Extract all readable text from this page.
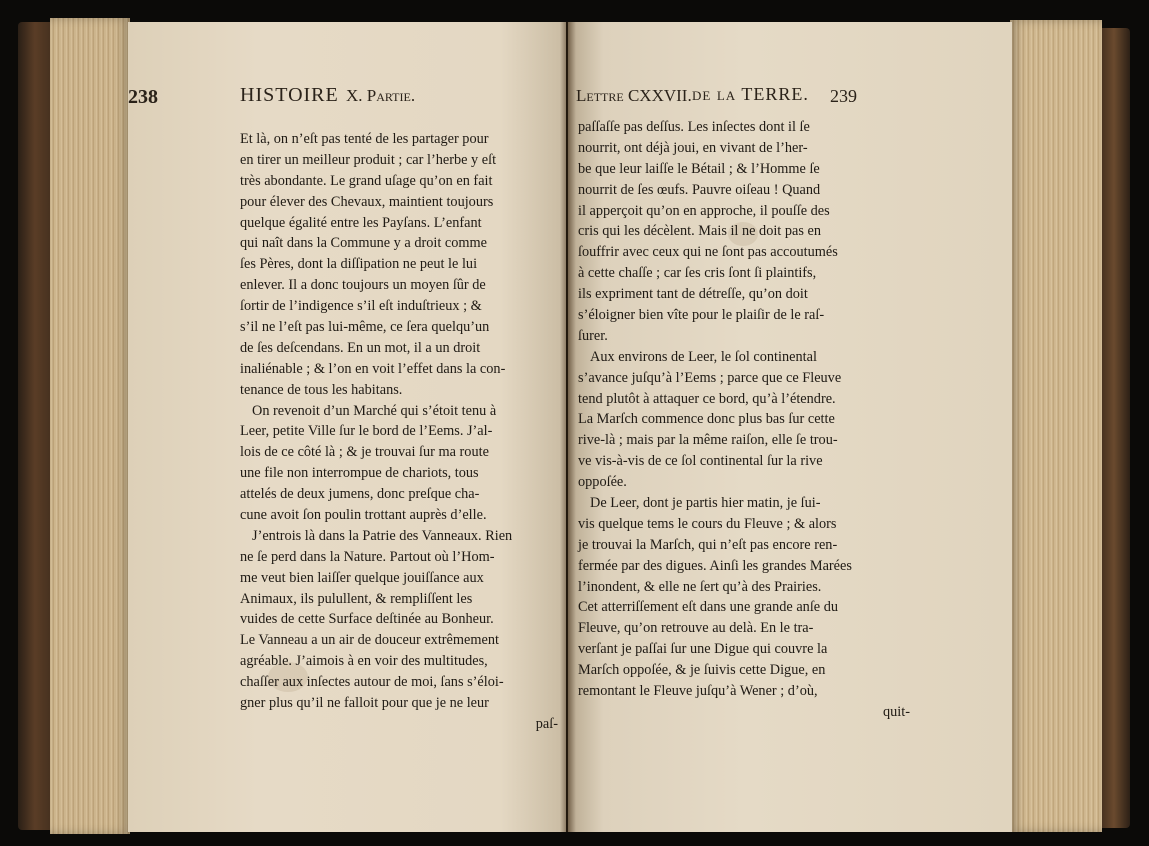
238	HISTOIRE X. Partie.
Et là, on n’eſt pas tenté de les partager pour
en tirer un meilleur produit ; car l’herbe y eſt
très abondante. Le grand uſage qu’on en fait
pour élever des Chevaux, maintient toujours
quelque égalité entre les Payſans. L’enfant
qui naît dans la Commune y a droit comme
ſes Pères, dont la diſſipation ne peut le lui
enlever. Il a donc toujours un moyen ſûr de
ſortir de l’indigence s’il eſt induſtrieux ; &
s’il ne l’eſt pas lui-même, ce ſera quelqu’un
de ſes deſcendans. En un mot, il a un droit
inaliénable ; & l’on en voit l’effet dans la con-
tenance de tous les habitans.
On revenoit d’un Marché qui s’étoit tenu à
Leer, petite Ville ſur le bord de l’Eems. J’al-
lois de ce côté là ; & je trouvai ſur ma route
une file non interrompue de chariots, tous
attelés de deux jumens, donc preſque cha-
cune avoit ſon poulin trottant auprès d’elle.
J’entrois là dans la Patrie des Vanneaux. Rien
ne ſe perd dans la Nature. Partout où l’Hom-
me veut bien laiſſer quelque jouiſſance aux
Animaux, ils pulullent, & rempliſſent les
vuides de cette Surface deſtinée au Bonheur.
Le Vanneau a un air de douceur extrêmement
agréable. J’aimois à en voir des multitudes,
chaſſer aux inſectes autour de moi, ſans s’éloi-
gner plus qu’il ne falloit pour que je ne leur
paſ-
Lettre CXXVII. de la TERRE. 239
paſſaſſe pas deſſus. Les inſectes dont il ſe
nourrit, ont déjà joui, en vivant de l’her-
be que leur laiſſe le Bétail ; & l’Homme ſe
nourrit de ſes œufs. Pauvre oiſeau ! Quand
il apperçoit qu’on en approche, il pouſſe des
cris qui les décèlent. Mais il ne doit pas en
ſouffrir avec ceux qui ne ſont pas accoutumés
à cette chaſſe ; car ſes cris ſont ſi plaintifs,
ils expriment tant de détreſſe, qu’on doit
s’éloigner bien vîte pour le plaiſir de le raſ-
ſurer.
Aux environs de Leer, le ſol continental
s’avance juſqu’à l’Eems ; parce que ce Fleuve
tend plutôt à attaquer ce bord, qu’à l’étendre.
La Marſch commence donc plus bas ſur cette
rive-là ; mais par la même raiſon, elle ſe trou-
ve vis-à-vis de ce ſol continental ſur la rive
oppoſée.
De Leer, dont je partis hier matin, je ſui-
vis quelque tems le cours du Fleuve ; & alors
je trouvai la Marſch, qui n’eſt pas encore ren-
fermée par des digues. Ainſi les grandes Marées
l’inondent, & elle ne ſert qu’à des Prairies.
Cet atterriſſement eſt dans une grande anſe du
Fleuve, qu’on retrouve au delà. En le tra-
verſant je paſſai ſur une Digue qui couvre la
Marſch oppoſée, & je ſuivis cette Digue, en
remontant le Fleuve juſqu’à Wener ; d’où,
quit-
